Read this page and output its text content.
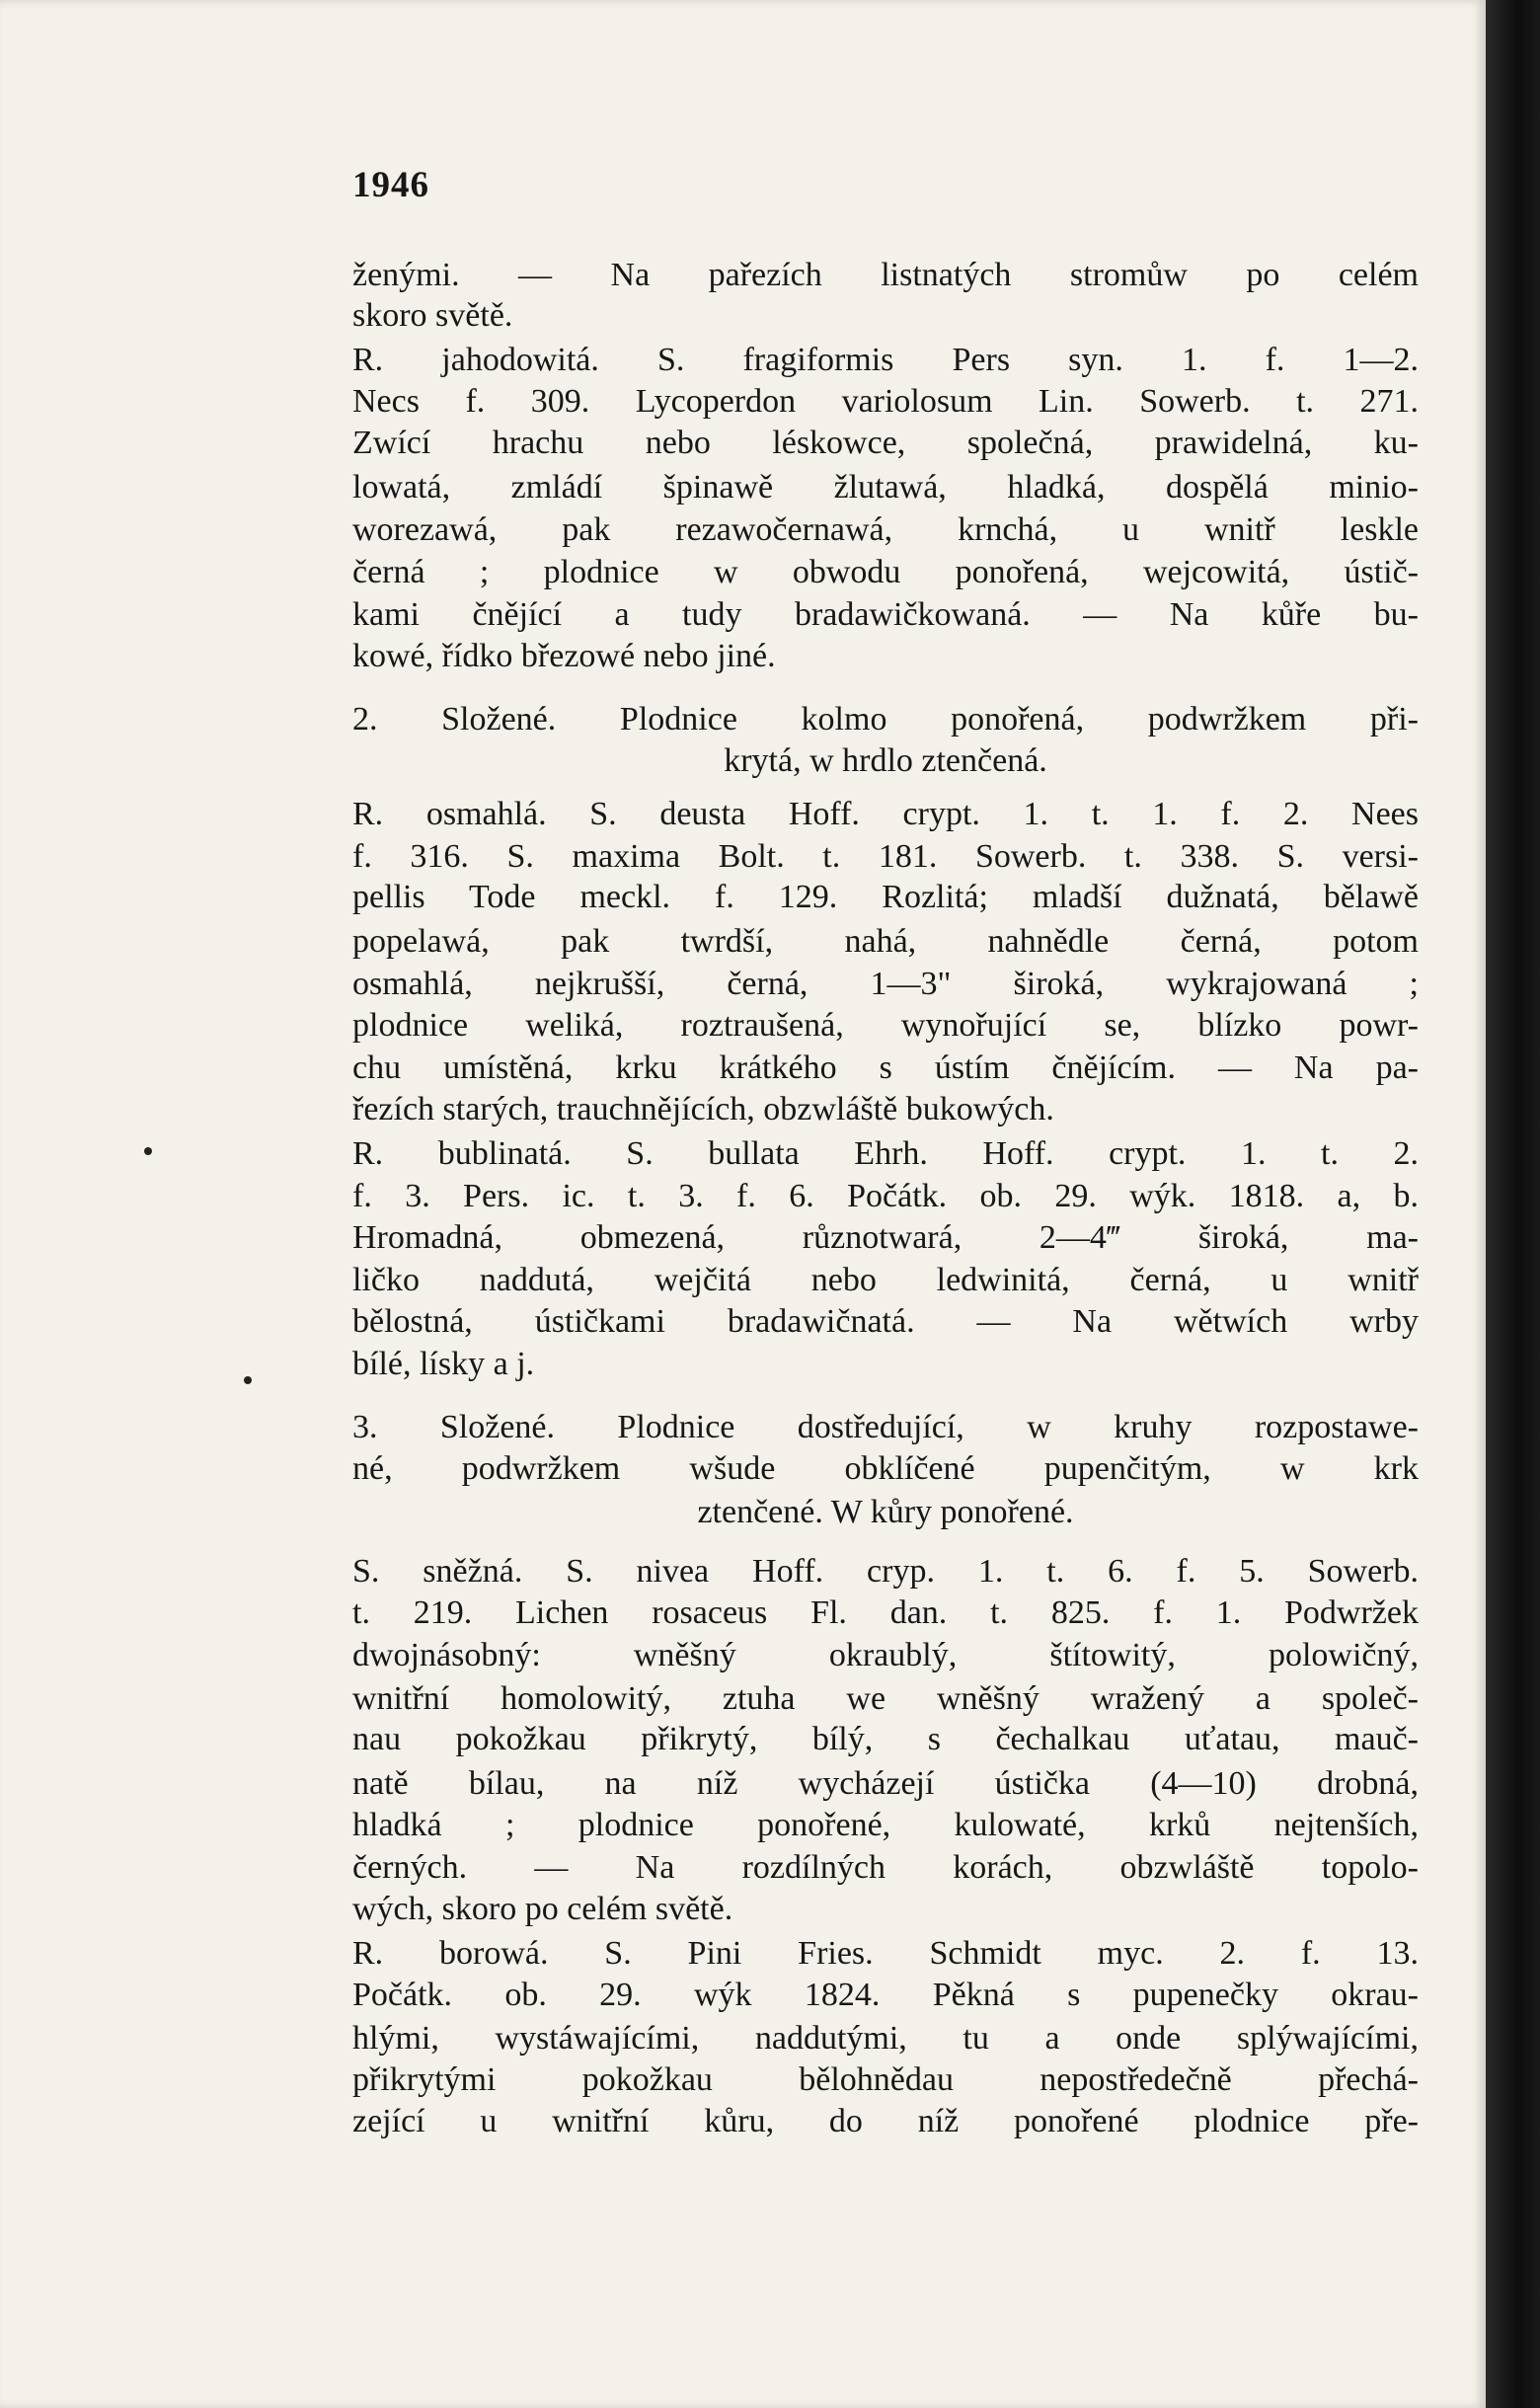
1946
ženými. — Na pařezích listnatých stromůw po celém
skoro světě.
R. jahodowitá. S. fragiformis Pers syn. 1. f. 1—2.
Necs f. 309. Lycoperdon variolosum Lin. Sowerb. t. 271.
Zwící hrachu nebo léskowce, společná, prawidelná, ku-
lowatá, zmládí špinawě žlutawá, hladká, dospělá minio-
worezawá, pak rezawočernawá, krnchá, u wnitř leskle
černá ; plodnice w obwodu ponořená, wejcowitá, ústič-
kami čnějící a tudy bradawičkowaná. — Na kůře bu-
kowé, řídko březowé nebo jiné.
2. Složené. Plodnice kolmo ponořená, podwržkem při-
krytá, w hrdlo ztenčená.
R. osmahlá. S. deusta Hoff. crypt. 1. t. 1. f. 2. Nees
f. 316. S. maxima Bolt. t. 181. Sowerb. t. 338. S. versi-
pellis Tode meckl. f. 129. Rozlitá; mladší dužnatá, bělawě
popelawá, pak twrdší, nahá, nahnědle černá, potom
osmahlá, nejkrušší, černá, 1—3" široká, wykrajowaná ;
plodnice weliká, roztraušená, wynořující se, blízko powr-
chu umístěná, krku krátkého s ústím čnějícím. — Na pa-
řezích starých, trauchnějících, obzwláště bukowých.
R. bublinatá. S. bullata Ehrh. Hoff. crypt. 1. t. 2.
f. 3. Pers. ic. t. 3. f. 6. Počátk. ob. 29. wýk. 1818. a, b.
Hromadná, obmezená, různotwará, 2—4‴ široká, ma-
ličko naddutá, wejčitá nebo ledwinitá, černá, u wnitř
bělostná, ústičkami bradawičnatá. — Na wětwích wrby
bílé, lísky a j.
3. Složené. Plodnice dostředující, w kruhy rozpostawe-
né, podwržkem wšude obklíčené pupenčitým, w krk
ztenčené. W kůry ponořené.
S. sněžná. S. nivea Hoff. cryp. 1. t. 6. f. 5. Sowerb.
t. 219. Lichen rosaceus Fl. dan. t. 825. f. 1. Podwržek
dwojnásobný: wněšný okraublý, štítowitý, polowičný,
wnitřní homolowitý, ztuha we wněšný wražený a společ-
nau pokožkau přikrytý, bílý, s čechalkau uťatau, mauč-
natě bílau, na níž wycházejí ústička (4—10) drobná,
hladká ; plodnice ponořené, kulowaté, krků nejtenších,
černých. — Na rozdílných korách, obzwláště topolo-
wých, skoro po celém světě.
R. borowá. S. Pini Fries. Schmidt myc. 2. f. 13.
Počátk. ob. 29. wýk 1824. Pěkná s pupenečky okrau-
hlými, wystáwajícími, naddutými, tu a onde splýwajícími,
přikrytými pokožkau bělohnědau nepostředečně přechá-
zející u wnitřní kůru, do níž ponořené plodnice pře-
